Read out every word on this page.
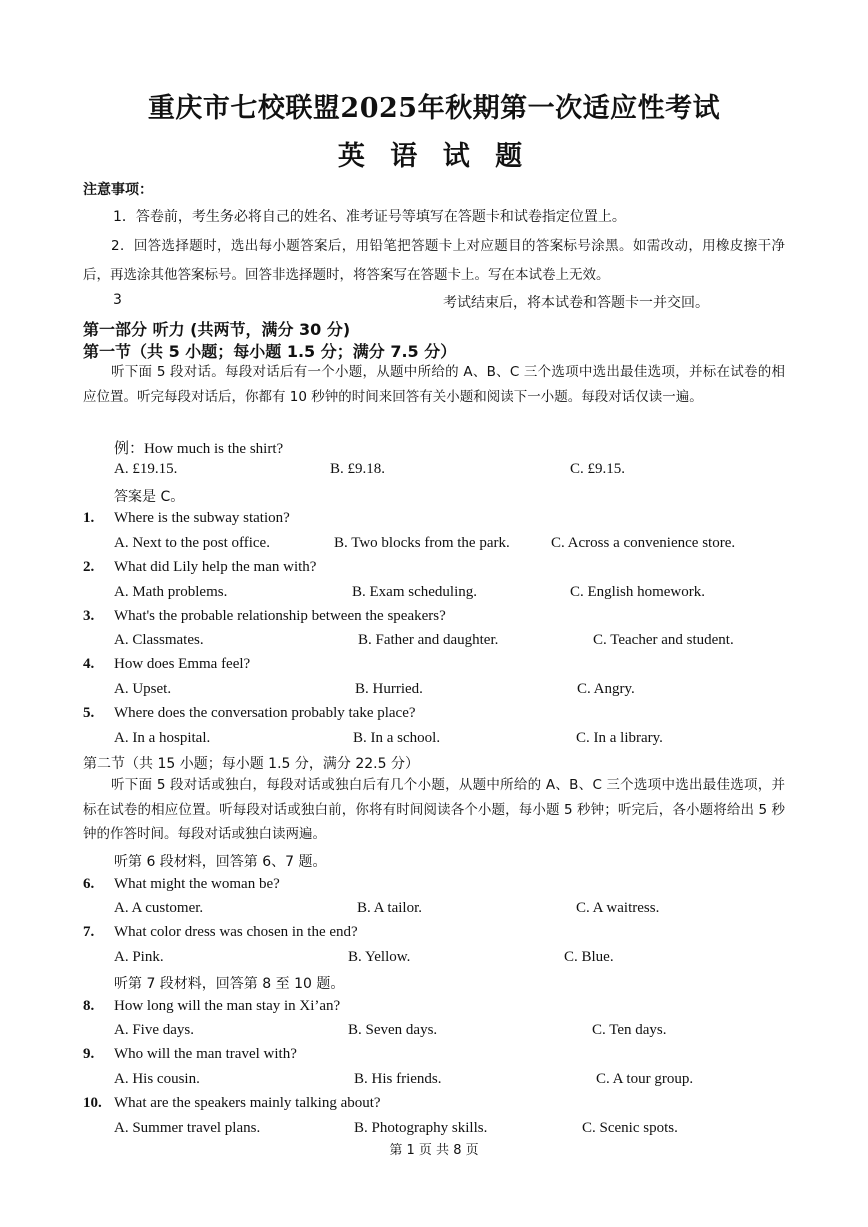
重庆市七校联盟2025年秋期第一次适应性考试
英 语 试 题
注意事项：
1．答卷前，考生务必将自己的姓名、准考证号等填写在答题卡和试卷指定位置上。
2．回答选择题时，选出每小题答案后，用铅笔把答题卡上对应题目的答案标号涂黑。如需改动，用橡皮擦干净后，再选涂其他答案标号。回答非选择题时，将答案写在答题卡上。写在本试卷上无效。
3	考试结束后，将本试卷和答题卡一并交回。
第一部分 听力 (共两节，满分 30 分)
第一节（共 5 小题；每小题 1.5 分；满分 7.5 分）
听下面 5 段对话。每段对话后有一个小题，从题中所给的 A、B、C 三个选项中选出最佳选项，并标在试卷的相应位置。听完每段对话后，你都有 10 秒钟的时间来回答有关小题和阅读下一小题。每段对话仅读一遍。
例：How much is the shirt?
A. £19.15.	B. £9.18.	C. £9.15.
答案是 C。
1. Where is the subway station?
A. Next to the post office.	B. Two blocks from the park.	C. Across a convenience store.
2. What did Lily help the man with?
A. Math problems.	B. Exam scheduling.	C. English homework.
3. What's the probable relationship between the speakers?
A. Classmates.	B. Father and daughter.	C. Teacher and student.
4. How does Emma feel?
A. Upset.	B. Hurried.	C. Angry.
5. Where does the conversation probably take place?
A. In a hospital.	B. In a school.	C. In a library.
第二节（共 15 小题；每小题 1.5 分，满分 22.5 分）
听下面 5 段对话或独白，每段对话或独白后有几个小题，从题中所给的 A、B、C 三个选项中选出最佳选项，并标在试卷的相应位置。听每段对话或独白前，你将有时间阅读各个小题，每小题 5 秒钟；听完后，各小题将给出 5 秒钟的作答时间。每段对话或独白读两遍。
听第 6 段材料，回答第 6、7 题。
6. What might the woman be?
A. A customer.	B. A tailor.	C. A waitress.
7. What color dress was chosen in the end?
A. Pink.	B. Yellow.	C. Blue.
听第 7 段材料，回答第 8 至 10 题。
8. How long will the man stay in Xi’an?
A. Five days.	B. Seven days.	C. Ten days.
9. Who will the man travel with?
A. His cousin.	B. His friends.	C. A tour group.
10. What are the speakers mainly talking about?
A. Summer travel plans.	B. Photography skills.	C. Scenic spots.
第 1 页 共 8 页
